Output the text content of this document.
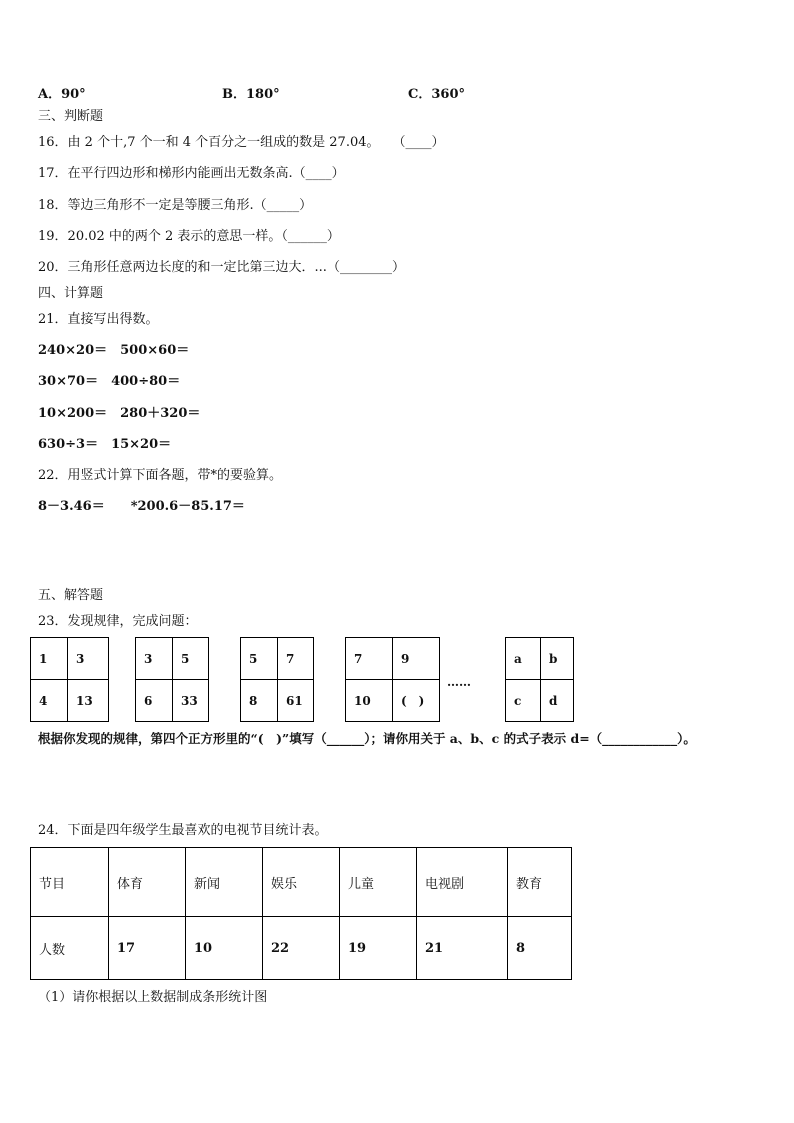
A．90°	B．180°	C．360°
三、判断题
16．由 2 个十,7 个一和 4 个百分之一组成的数是 27.04。　　（____）
17．在平行四边形和梯形内能画出无数条高.（____）
18．等边三角形不一定是等腰三角形.（_____）
19．20.02 中的两个 2 表示的意思一样。（______）
20．三角形任意两边长度的和一定比第三边大．...（________）
四、计算题
21．直接写出得数。
240×20＝　500×60＝
30×70＝　400÷80＝
10×200＝　280＋320＝
630÷3＝　15×20＝
22．用竖式计算下面各题，带*的要验算。
8－3.46＝　　*200.6－85.17＝
五、解答题
23．发现规律，完成问题：
1	3
4	13
3	5
6	33
5	7
8	61
7	9
10	(　)
……
a	b
c	d
根据你发现的规律，第四个正方形里的“(　)”填写（______）；请你用关于 a、b、c 的式子表示 d=（____________）。
24．下面是四年级学生最喜欢的电视节目统计表。
节目	体育	新闻	娱乐	儿童	电视剧	教育
人数	17	10	22	19	21	8
（1）请你根据以上数据制成条形统计图
